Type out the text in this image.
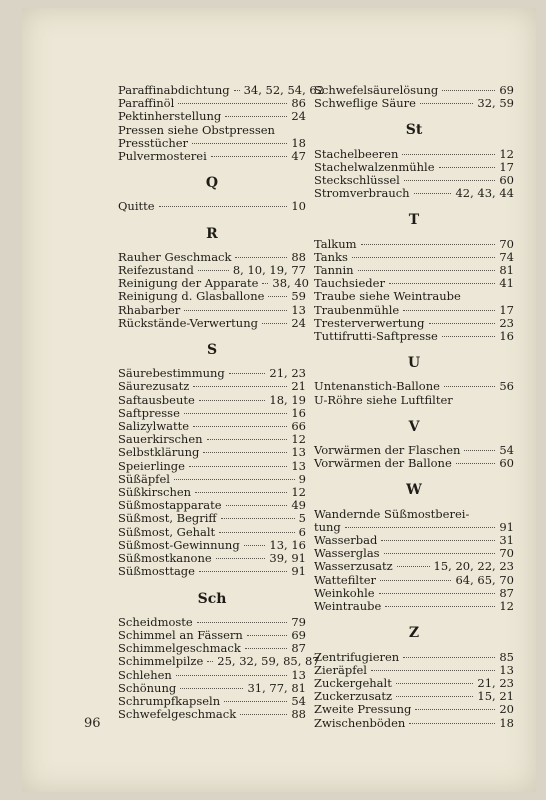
Paraffinabdichtung 34, 52, 54, 62
Paraffinöl	86
Pektinherstellung	24
Pressen siehe Obstpressen
Presstücher	18
Pulvermosterei	47
Q
Quitte	10
R
Rauher Geschmack	88
Reifezustand	8, 10, 19, 77
Reinigung der Apparate 38, 40
Reinigung d. Glasballone 59
Rhabarber	13
Rückstände-Verwertung	24
S
Säurebestimmung	21, 23
Säurezusatz	21
Saftausbeute	18, 19
Saftpresse	16
Salizylwatte	66
Sauerkirschen	12
Selbstklärung	13
Speierlinge	13
Süßäpfel	9
Süßkirschen	12
Süßmostapparate	49
Süßmost, Begriff	5
Süßmost, Gehalt	6
Süßmost-Gewinnung	13, 16
Süßmostkanone	39, 91
Süßmosttage	91
Sch
Scheidmoste	79
Schimmel an Fässern	69
Schimmelgeschmack	87
Schimmelpilze 25, 32, 59, 85, 87
Schlehen	13
Schönung	31, 77, 81
Schrumpfkapseln	54
Schwefelgeschmack	88
Schwefelsäurelösung	69
Schweflige Säure	32, 59
St
Stachelbeeren	12
Stachelwalzenmühle	17
Steckschlüssel	60
Stromverbrauch	42, 43, 44
T
Talkum	70
Tanks	74
Tannin	81
Tauchsieder	41
Traube siehe Weintraube
Traubenmühle	17
Tresterverwertung	23
Tuttifrutti-Saftpresse	16
U
Untenanstich-Ballone	56
U-Röhre siehe Luftfilter
V
Vorwärmen der Flaschen	54
Vorwärmen der Ballone	60
W
Wandernde Süßmostberei-
tung	91
Wasserbad	31
Wasserglas	70
Wasserzusatz	15, 20, 22, 23
Wattefilter	64, 65, 70
Weinkohle	87
Weintraube	12
Z
Zentrifugieren	85
Zieräpfel	13
Zuckergehalt	21, 23
Zuckerzusatz	15, 21
Zweite Pressung	20
Zwischenböden	18
96
